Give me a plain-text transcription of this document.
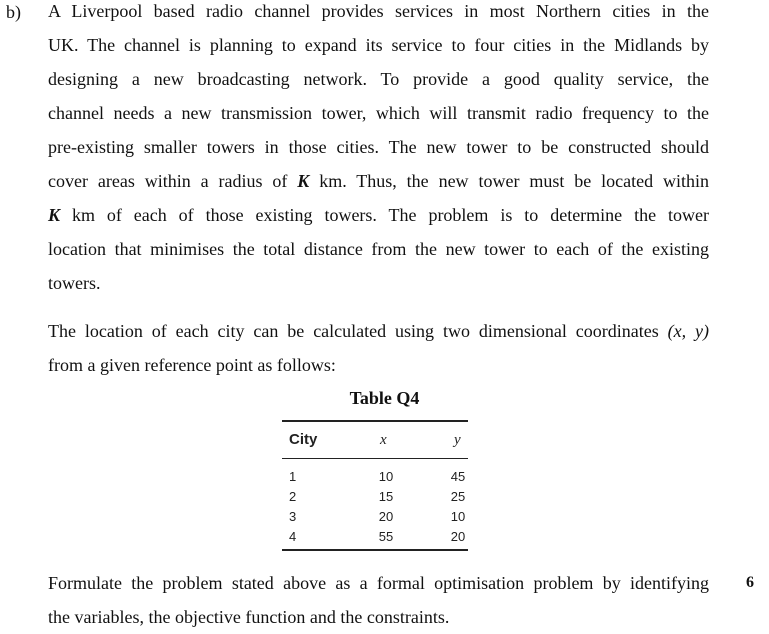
b) A Liverpool based radio channel provides services in most Northern cities in the
UK. The channel is planning to expand its service to four cities in the Midlands by
designing a new broadcasting network. To provide a good quality service, the
channel needs a new transmission tower, which will transmit radio frequency to the
pre-existing smaller towers in those cities. The new tower to be constructed should
cover areas within a radius of K km. Thus, the new tower must be located within
K km of each of those existing towers. The problem is to determine the tower
location that minimises the total distance from the new tower to each of the existing
towers.
The location of each city can be calculated using two dimensional coordinates (x, y)
from a given reference point as follows:
Table Q4
City	x	y
1
2
3
4
10
15
20
55
45
25
10
20
Formulate the problem stated above as a formal optimisation problem by identifying
the variables, the objective function and the constraints.
6
